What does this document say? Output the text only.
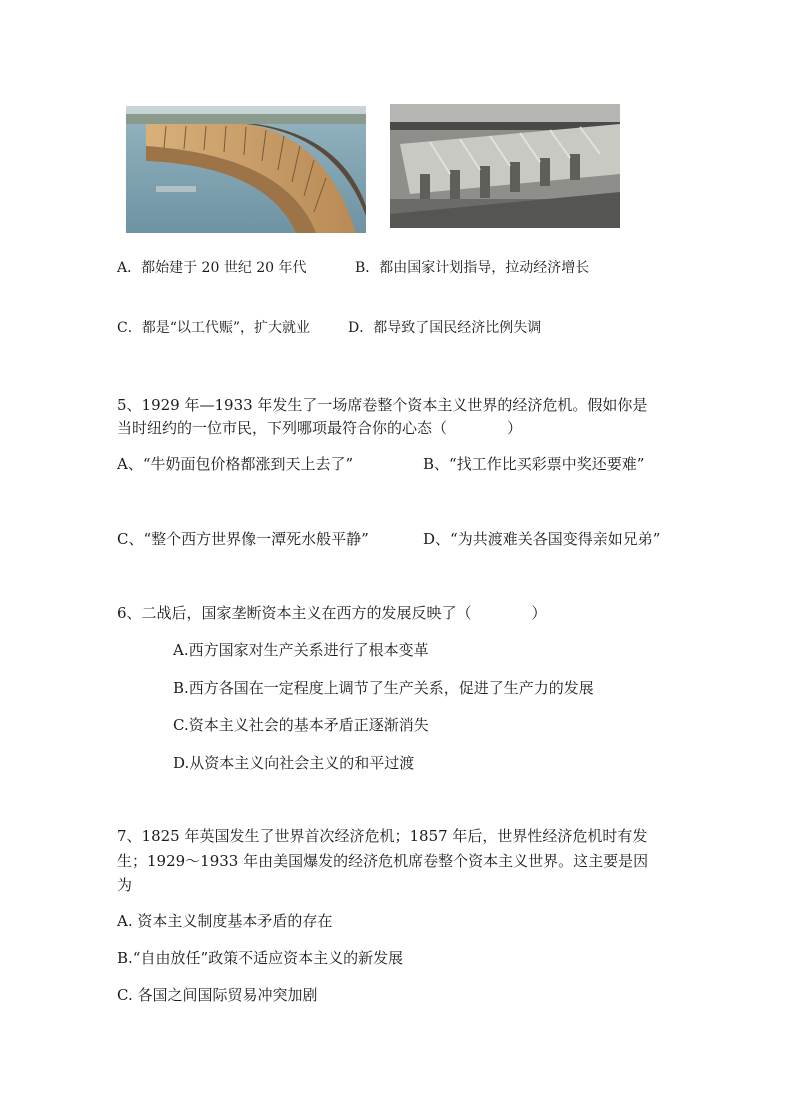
A．都始建于 20 世纪 20 年代	B．都由国家计划指导，拉动经济增长
C．都是“以工代赈”，扩大就业	D．都导致了国民经济比例失调
5、1929 年—1933 年发生了一场席卷整个资本主义世界的经济危机。假如你是
当时纽约的一位市民，下列哪项最符合你的心态（　　　　）
A、“牛奶面包价格都涨到天上去了”	B、“找工作比买彩票中奖还要难”
C、“整个西方世界像一潭死水般平静”	D、“为共渡难关各国变得亲如兄弟”
6、二战后，国家垄断资本主义在西方的发展反映了（　　　　）
A.西方国家对生产关系进行了根本变革
B.西方各国在一定程度上调节了生产关系，促进了生产力的发展
C.资本主义社会的基本矛盾正逐渐消失
D.从资本主义向社会主义的和平过渡
7、1825 年英国发生了世界首次经济危机；1857 年后，世界性经济危机时有发
生；1929～1933 年由美国爆发的经济危机席卷整个资本主义世界。这主要是因
为
A. 资本主义制度基本矛盾的存在
B.“自由放任”政策不适应资本主义的新发展
C. 各国之间国际贸易冲突加剧
